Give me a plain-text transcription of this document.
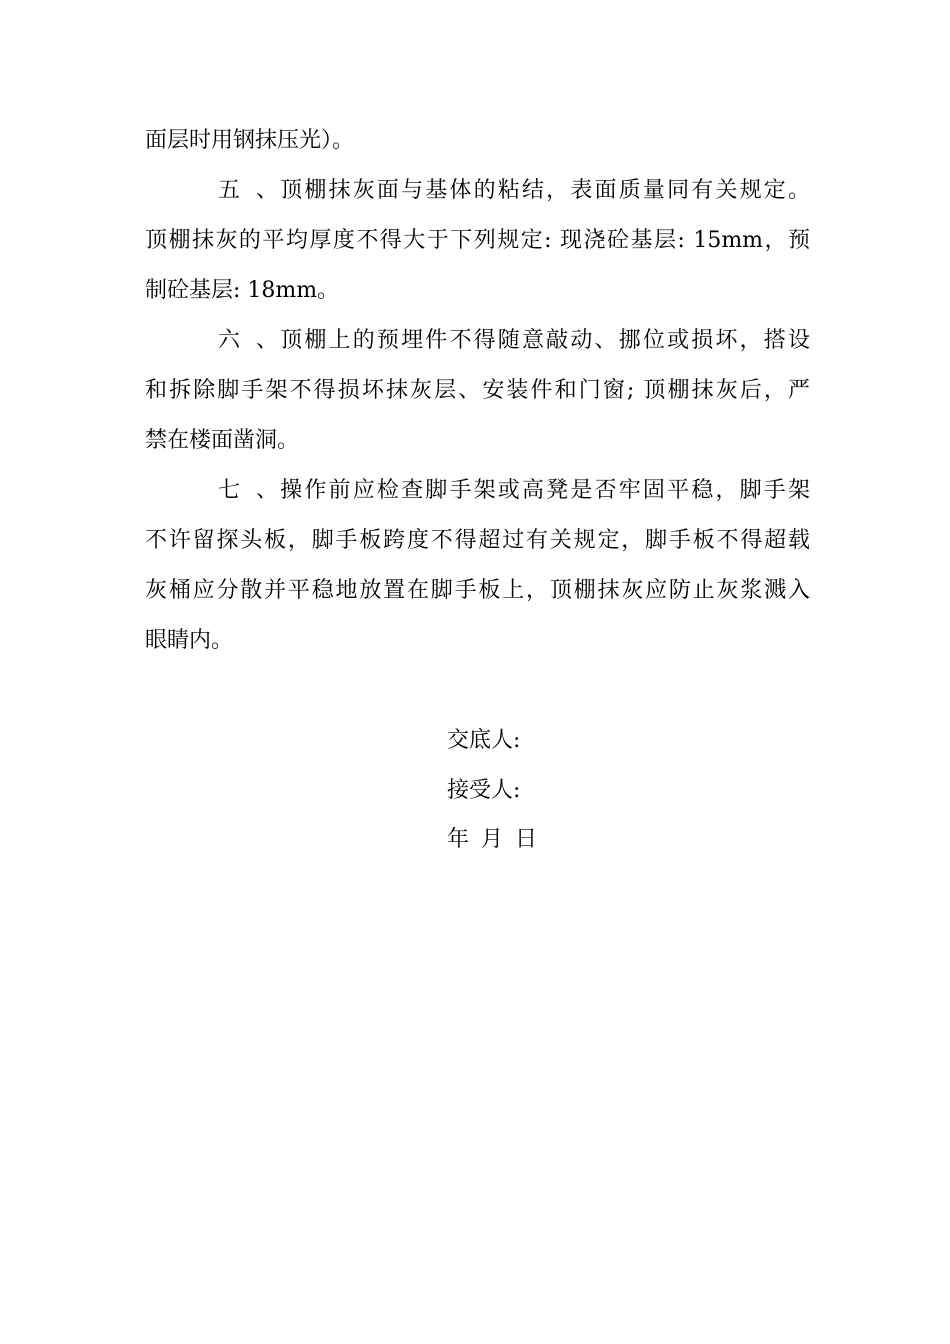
面层时用钢抹压光）。
五、顶棚抹灰面与基体的粘结，表面质量同有关规定。
顶棚抹灰的平均厚度不得大于下列规定: 现浇砼基层: 15mm，预
制砼基层: 18mm。
六、顶棚上的预埋件不得随意敲动、挪位或损坏，搭设
和拆除脚手架不得损坏抹灰层、安装件和门窗; 顶棚抹灰后，严
禁在楼面凿洞。
七、操作前应检查脚手架或高凳是否牢固平稳，脚手架
不许留探头板，脚手板跨度不得超过有关规定，脚手板不得超载
灰桶应分散并平稳地放置在脚手板上，顶棚抹灰应防止灰浆溅入
眼睛内。
交底人:
接受人:
年 月 日
